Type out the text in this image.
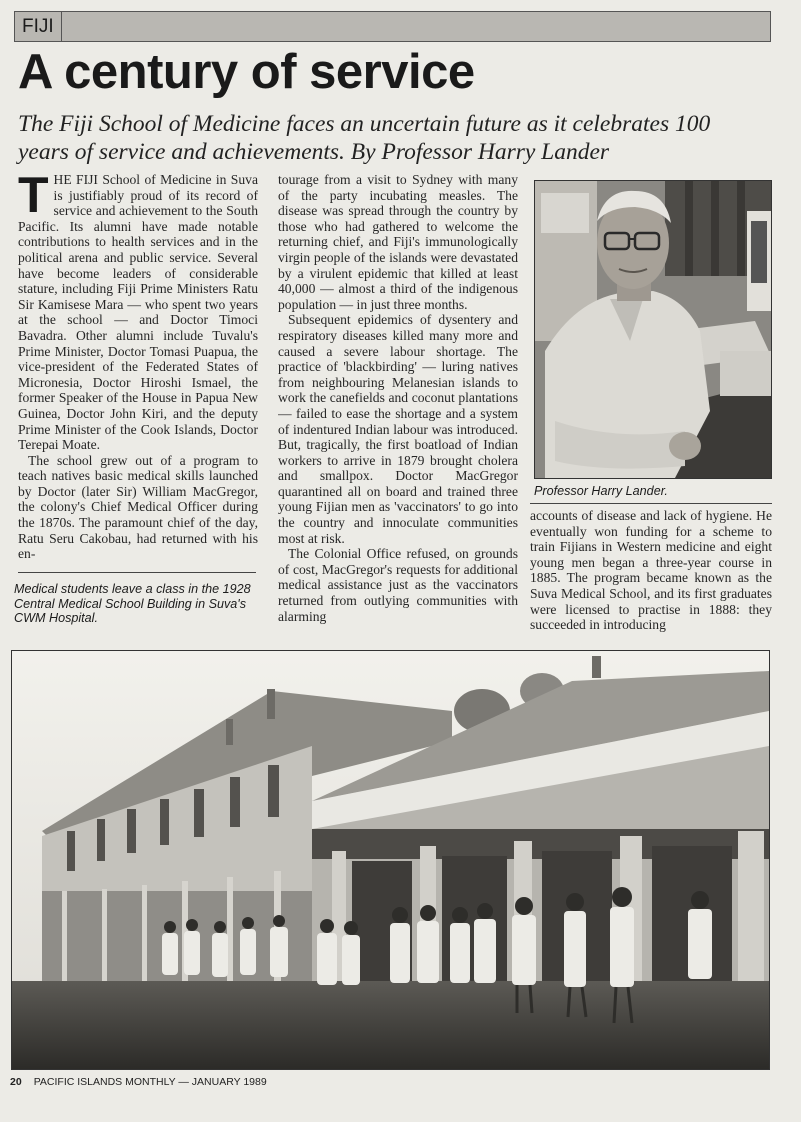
FIJI
A century of service

The Fiji School of Medicine faces an uncertain future as it celebrates 100 years of service and achievements. By Professor Harry Lander

THE FIJI School of Medicine in Suva is justifiably proud of its record of service and achievement to the South Pacific. Its alumni have made notable contributions to health services and in the political arena and public service. Several have become leaders of considerable stature, including Fiji Prime Ministers Ratu Sir Kamisese Mara — who spent two years at the school — and Doctor Timoci Bavadra. Other alumni include Tuvalu's Prime Minister, Doctor Tomasi Puapua, the vice-president of the Federated States of Micronesia, Doctor Hiroshi Ismael, the former Speaker of the House in Papua New Guinea, Doctor John Kiri, and the deputy Prime Minister of the Cook Islands, Doctor Terepai Moate.

The school grew out of a program to teach natives basic medical skills launched by Doctor (later Sir) William MacGregor, the colony's Chief Medical Officer during the 1870s. The paramount chief of the day, Ratu Seru Cakobau, had returned with his en-

Medical students leave a class in the 1928 Central Medical School Building in Suva's CWM Hospital.

tourage from a visit to Sydney with many of the party incubating measles. The disease was spread through the country by those who had gathered to welcome the returning chief, and Fiji's immunologically virgin people of the islands were devastated by a virulent epidemic that killed at least 40,000 — almost a third of the indigenous population — in just three months.

Subsequent epidemics of dysentery and respiratory diseases killed many more and caused a severe labour shortage. The practice of 'blackbirding' — luring natives from neighbouring Melanesian islands to work the canefields and coconut plantations — failed to ease the shortage and a system of indentured Indian labour was introduced. But, tragically, the first boatload of Indian workers to arrive in 1879 brought cholera and smallpox. Doctor MacGregor quarantined all on board and trained three young Fijian men as 'vaccinators' to go into the country and innoculate communities most at risk.

The Colonial Office refused, on grounds of cost, MacGregor's requests for additional medical assistance just as the vaccinators returned from outlying communities with alarming

Professor Harry Lander.

accounts of disease and lack of hygiene. He eventually won funding for a scheme to train Fijians in Western medicine and eight young men began a three-year course in 1885. The program became known as the Suva Medical School, and its first graduates were licensed to practise in 1888: they succeeded in introducing

20 PACIFIC ISLANDS MONTHLY — JANUARY 1989
